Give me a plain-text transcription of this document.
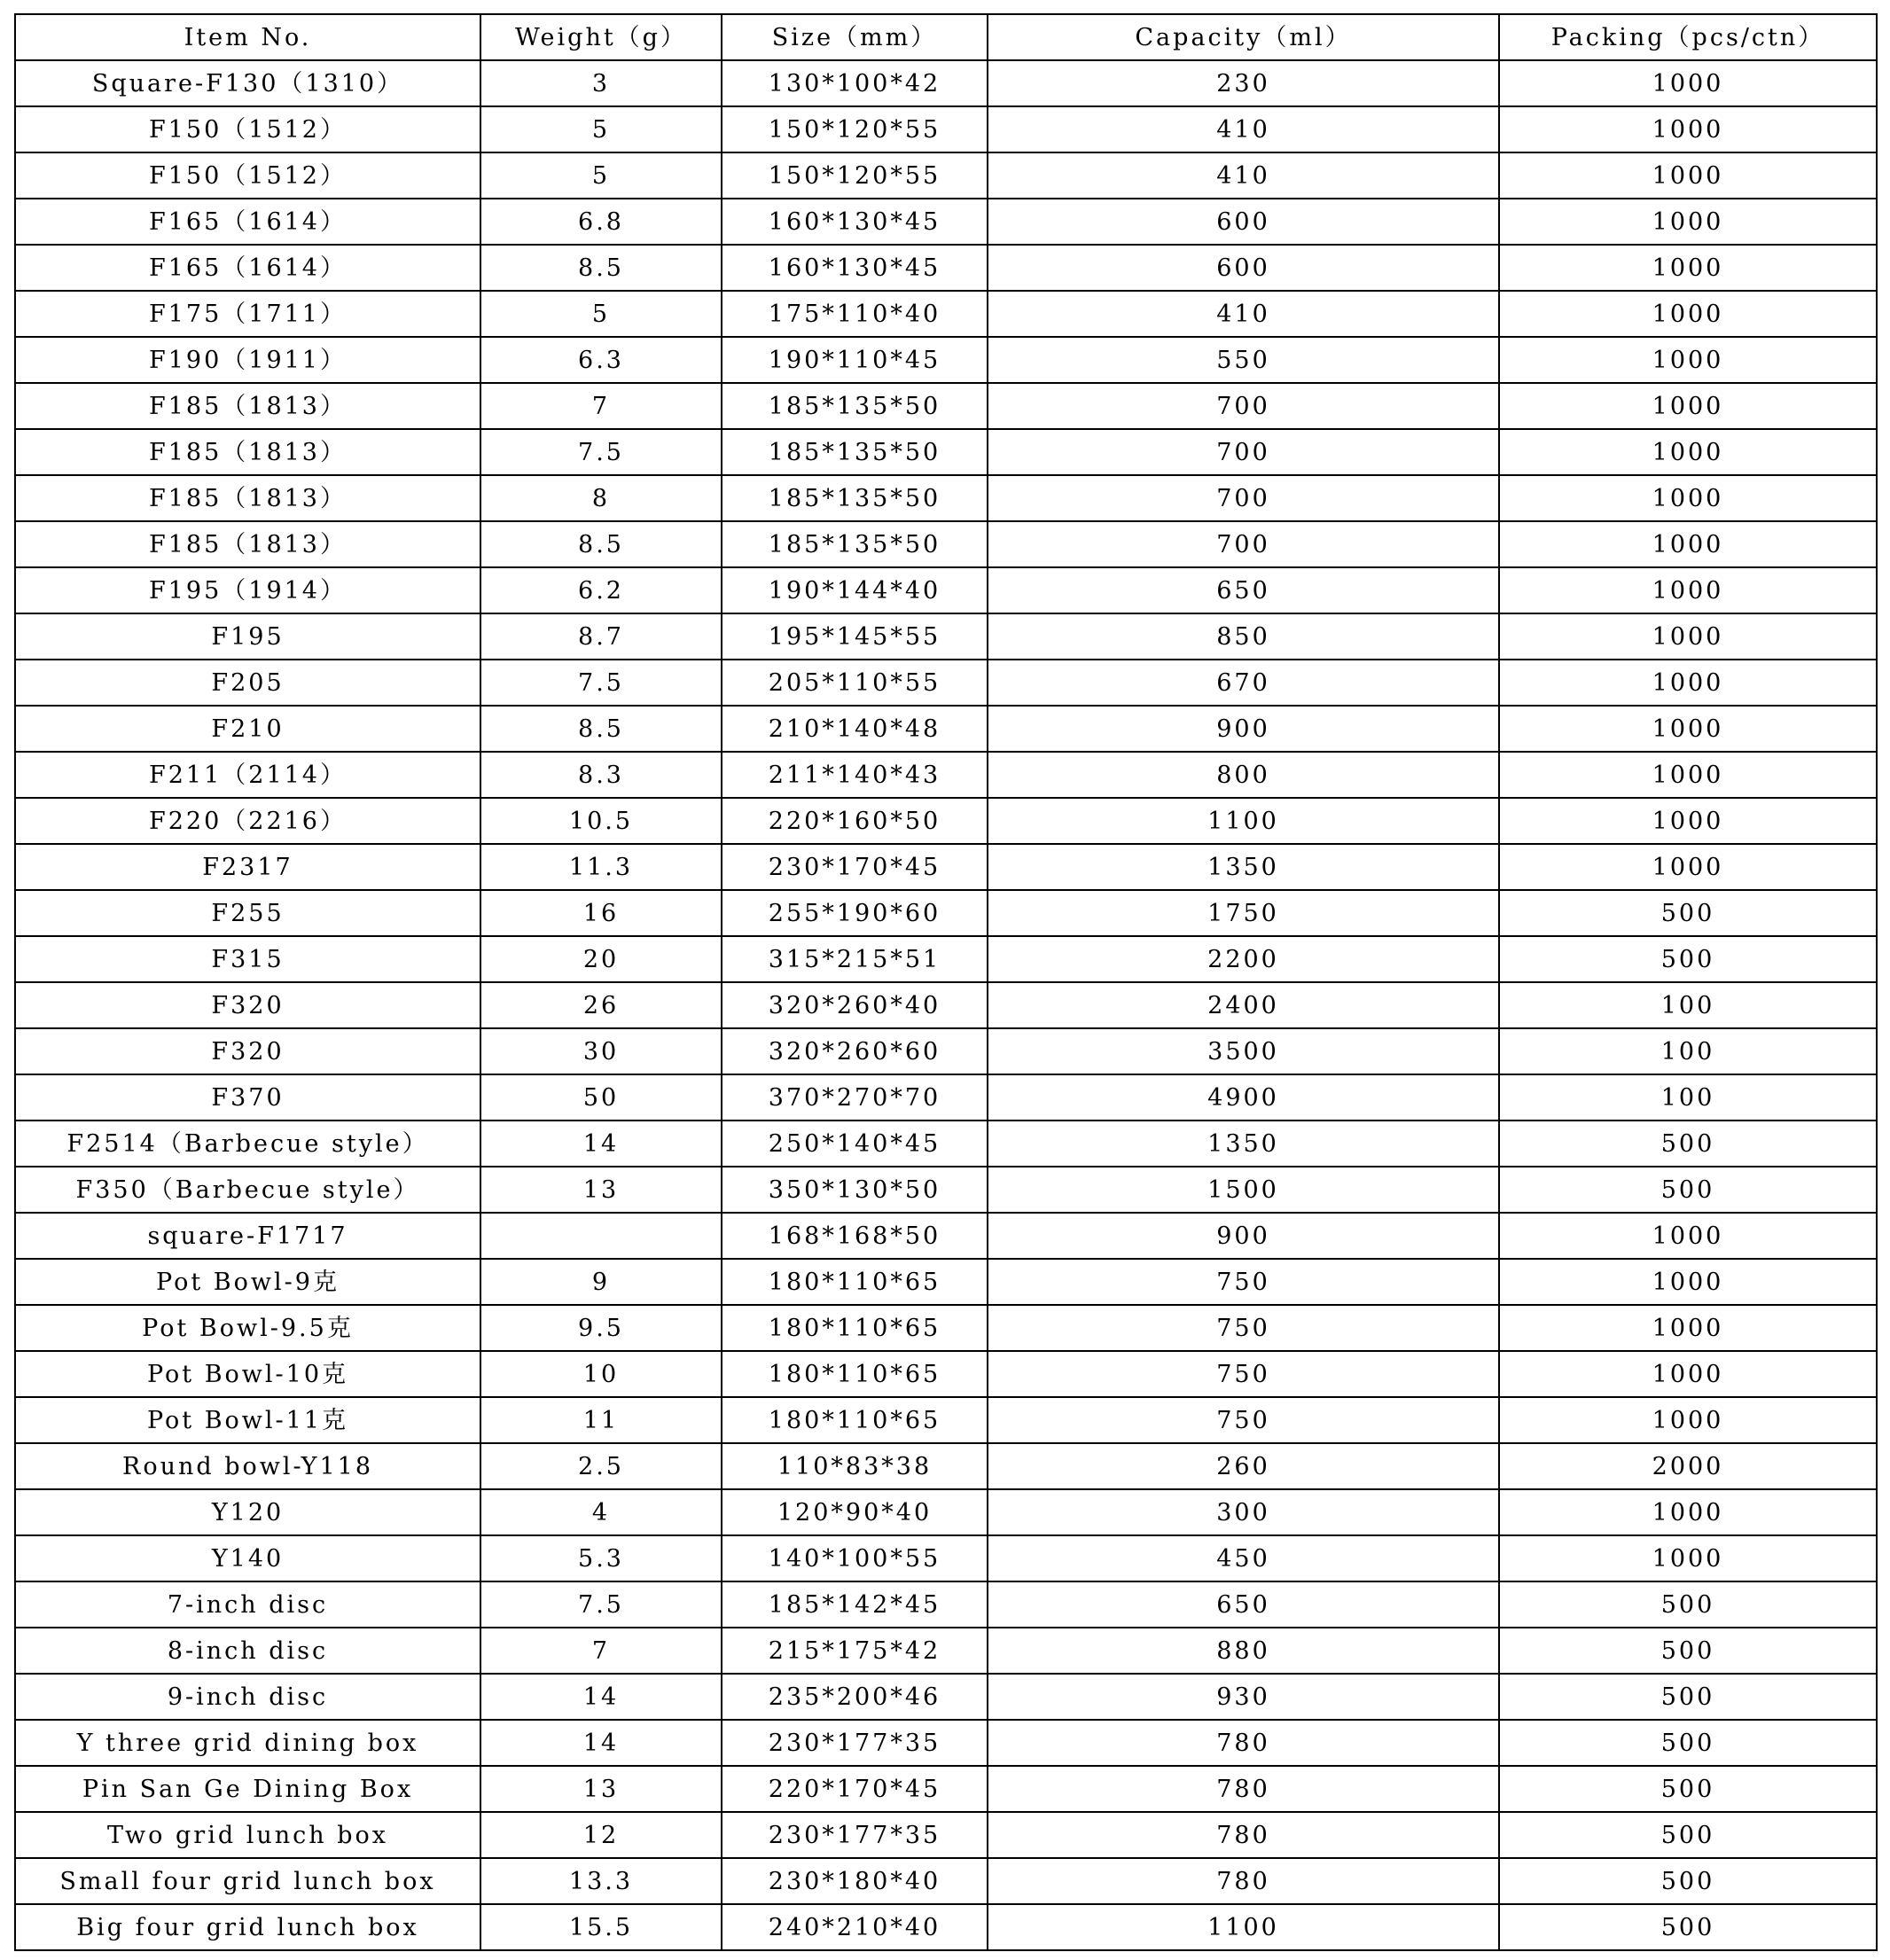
Item No.	Weight（g）	Size（mm）	Capacity（ml）	Packing（pcs/ctn）
Square-F130（1310）	3	130*100*42	230	1000
F150（1512）	5	150*120*55	410	1000
F150（1512）	5	150*120*55	410	1000
F165（1614）	6.8	160*130*45	600	1000
F165（1614）	8.5	160*130*45	600	1000
F175（1711）	5	175*110*40	410	1000
F190（1911）	6.3	190*110*45	550	1000
F185（1813）	7	185*135*50	700	1000
F185（1813）	7.5	185*135*50	700	1000
F185（1813）	8	185*135*50	700	1000
F185（1813）	8.5	185*135*50	700	1000
F195（1914）	6.2	190*144*40	650	1000
F195	8.7	195*145*55	850	1000
F205	7.5	205*110*55	670	1000
F210	8.5	210*140*48	900	1000
F211（2114）	8.3	211*140*43	800	1000
F220（2216）	10.5	220*160*50	1100	1000
F2317	11.3	230*170*45	1350	1000
F255	16	255*190*60	1750	500
F315	20	315*215*51	2200	500
F320	26	320*260*40	2400	100
F320	30	320*260*60	3500	100
F370	50	370*270*70	4900	100
F2514（Barbecue style）	14	250*140*45	1350	500
F350（Barbecue style）	13	350*130*50	1500	500
square-F1717		168*168*50	900	1000
Pot Bowl-9克	9	180*110*65	750	1000
Pot Bowl-9.5克	9.5	180*110*65	750	1000
Pot Bowl-10克	10	180*110*65	750	1000
Pot Bowl-11克	11	180*110*65	750	1000
Round bowl-Y118	2.5	110*83*38	260	2000
Y120	4	120*90*40	300	1000
Y140	5.3	140*100*55	450	1000
7-inch disc	7.5	185*142*45	650	500
8-inch disc	7	215*175*42	880	500
9-inch disc	14	235*200*46	930	500
Y three grid dining box	14	230*177*35	780	500
Pin San Ge Dining Box	13	220*170*45	780	500
Two grid lunch box	12	230*177*35	780	500
Small four grid lunch box	13.3	230*180*40	780	500
Big four grid lunch box	15.5	240*210*40	1100	500
